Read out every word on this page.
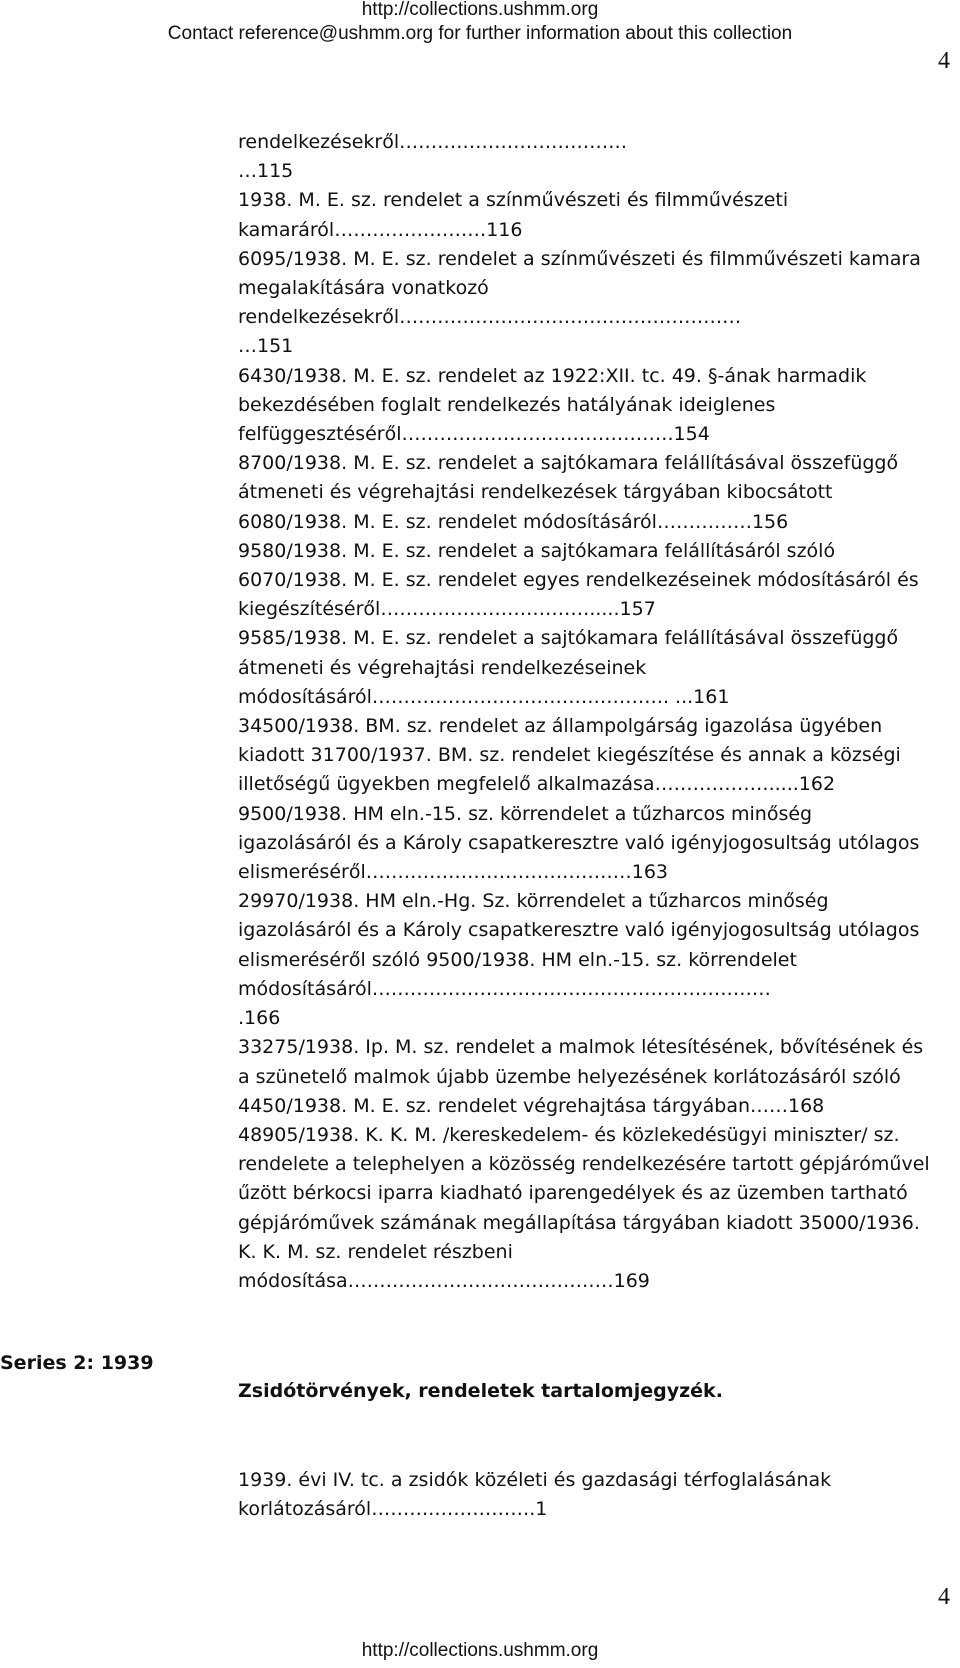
http://collections.ushmm.org
Contact reference@ushmm.org for further information about this collection
4
rendelkezésekről………………………………
…115
1938. M. E. sz. rendelet a színművészeti és filmművészeti
kamaráról……………………116
6095/1938. M. E. sz. rendelet a színművészeti és filmművészeti kamara
megalakítására vonatkozó
rendelkezésekről………………………………………………
…151
6430/1938. M. E. sz. rendelet az 1922:XII. tc. 49. §-ának harmadik
bekezdésében foglalt rendelkezés hatályának ideiglenes
felfüggesztéséről…………………………………….154
8700/1938. M. E. sz. rendelet a sajtókamara felállításával összefüggő
átmeneti és végrehajtási rendelkezések tárgyában kibocsátott
6080/1938. M. E. sz. rendelet módosításáról……………156
9580/1938. M. E. sz. rendelet a sajtókamara felállításáról szóló
6070/1938. M. E. sz. rendelet egyes rendelkezéseinek módosításáról és
kiegészítéséről…………………………….....157
9585/1938. M. E. sz. rendelet a sajtókamara felállításával összefüggő
átmeneti és végrehajtási rendelkezéseinek
módosításáról……………………………………….. ...161
34500/1938. BM. sz. rendelet az állampolgárság igazolása ügyében
kiadott 31700/1937. BM. sz. rendelet kiegészítése és annak a községi
illetőségű ügyekben megfelelő alkalmazása……………….....162
9500/1938. HM eln.-15. sz. körrendelet a tűzharcos minőség
igazolásáról és a Károly csapatkeresztre való igényjogosultság utólagos
elismeréséről……………………………………163
29970/1938. HM eln.-Hg. Sz. körrendelet a tűzharcos minőség
igazolásáról és a Károly csapatkeresztre való igényjogosultság utólagos
elismeréséről szóló 9500/1938. HM eln.-15. sz. körrendelet
módosításáról………………………………………………………
.166
33275/1938. Ip. M. sz. rendelet a malmok létesítésének, bővítésének és
a szünetelő malmok újabb üzembe helyezésének korlátozásáról szóló
4450/1938. M. E. sz. rendelet végrehajtása tárgyában……168
48905/1938. K. K. M. /kereskedelem- és közlekedésügyi miniszter/ sz.
rendelete a telephelyen a közösség rendelkezésére tartott gépjáróművel
űzött bérkocsi iparra kiadható iparengedélyek és az üzemben tartható
gépjáróművek számának megállapítása tárgyában kiadott 35000/1936.
K. K. M. sz. rendelet részbeni
módosítása……………………………………169
Series 2: 1939
Zsidótörvények, rendeletek tartalomjegyzék.
1939. évi IV. tc. a zsidók közéleti és gazdasági térfoglalásának
korlátozásáról……….…………….1
4
http://collections.ushmm.org
